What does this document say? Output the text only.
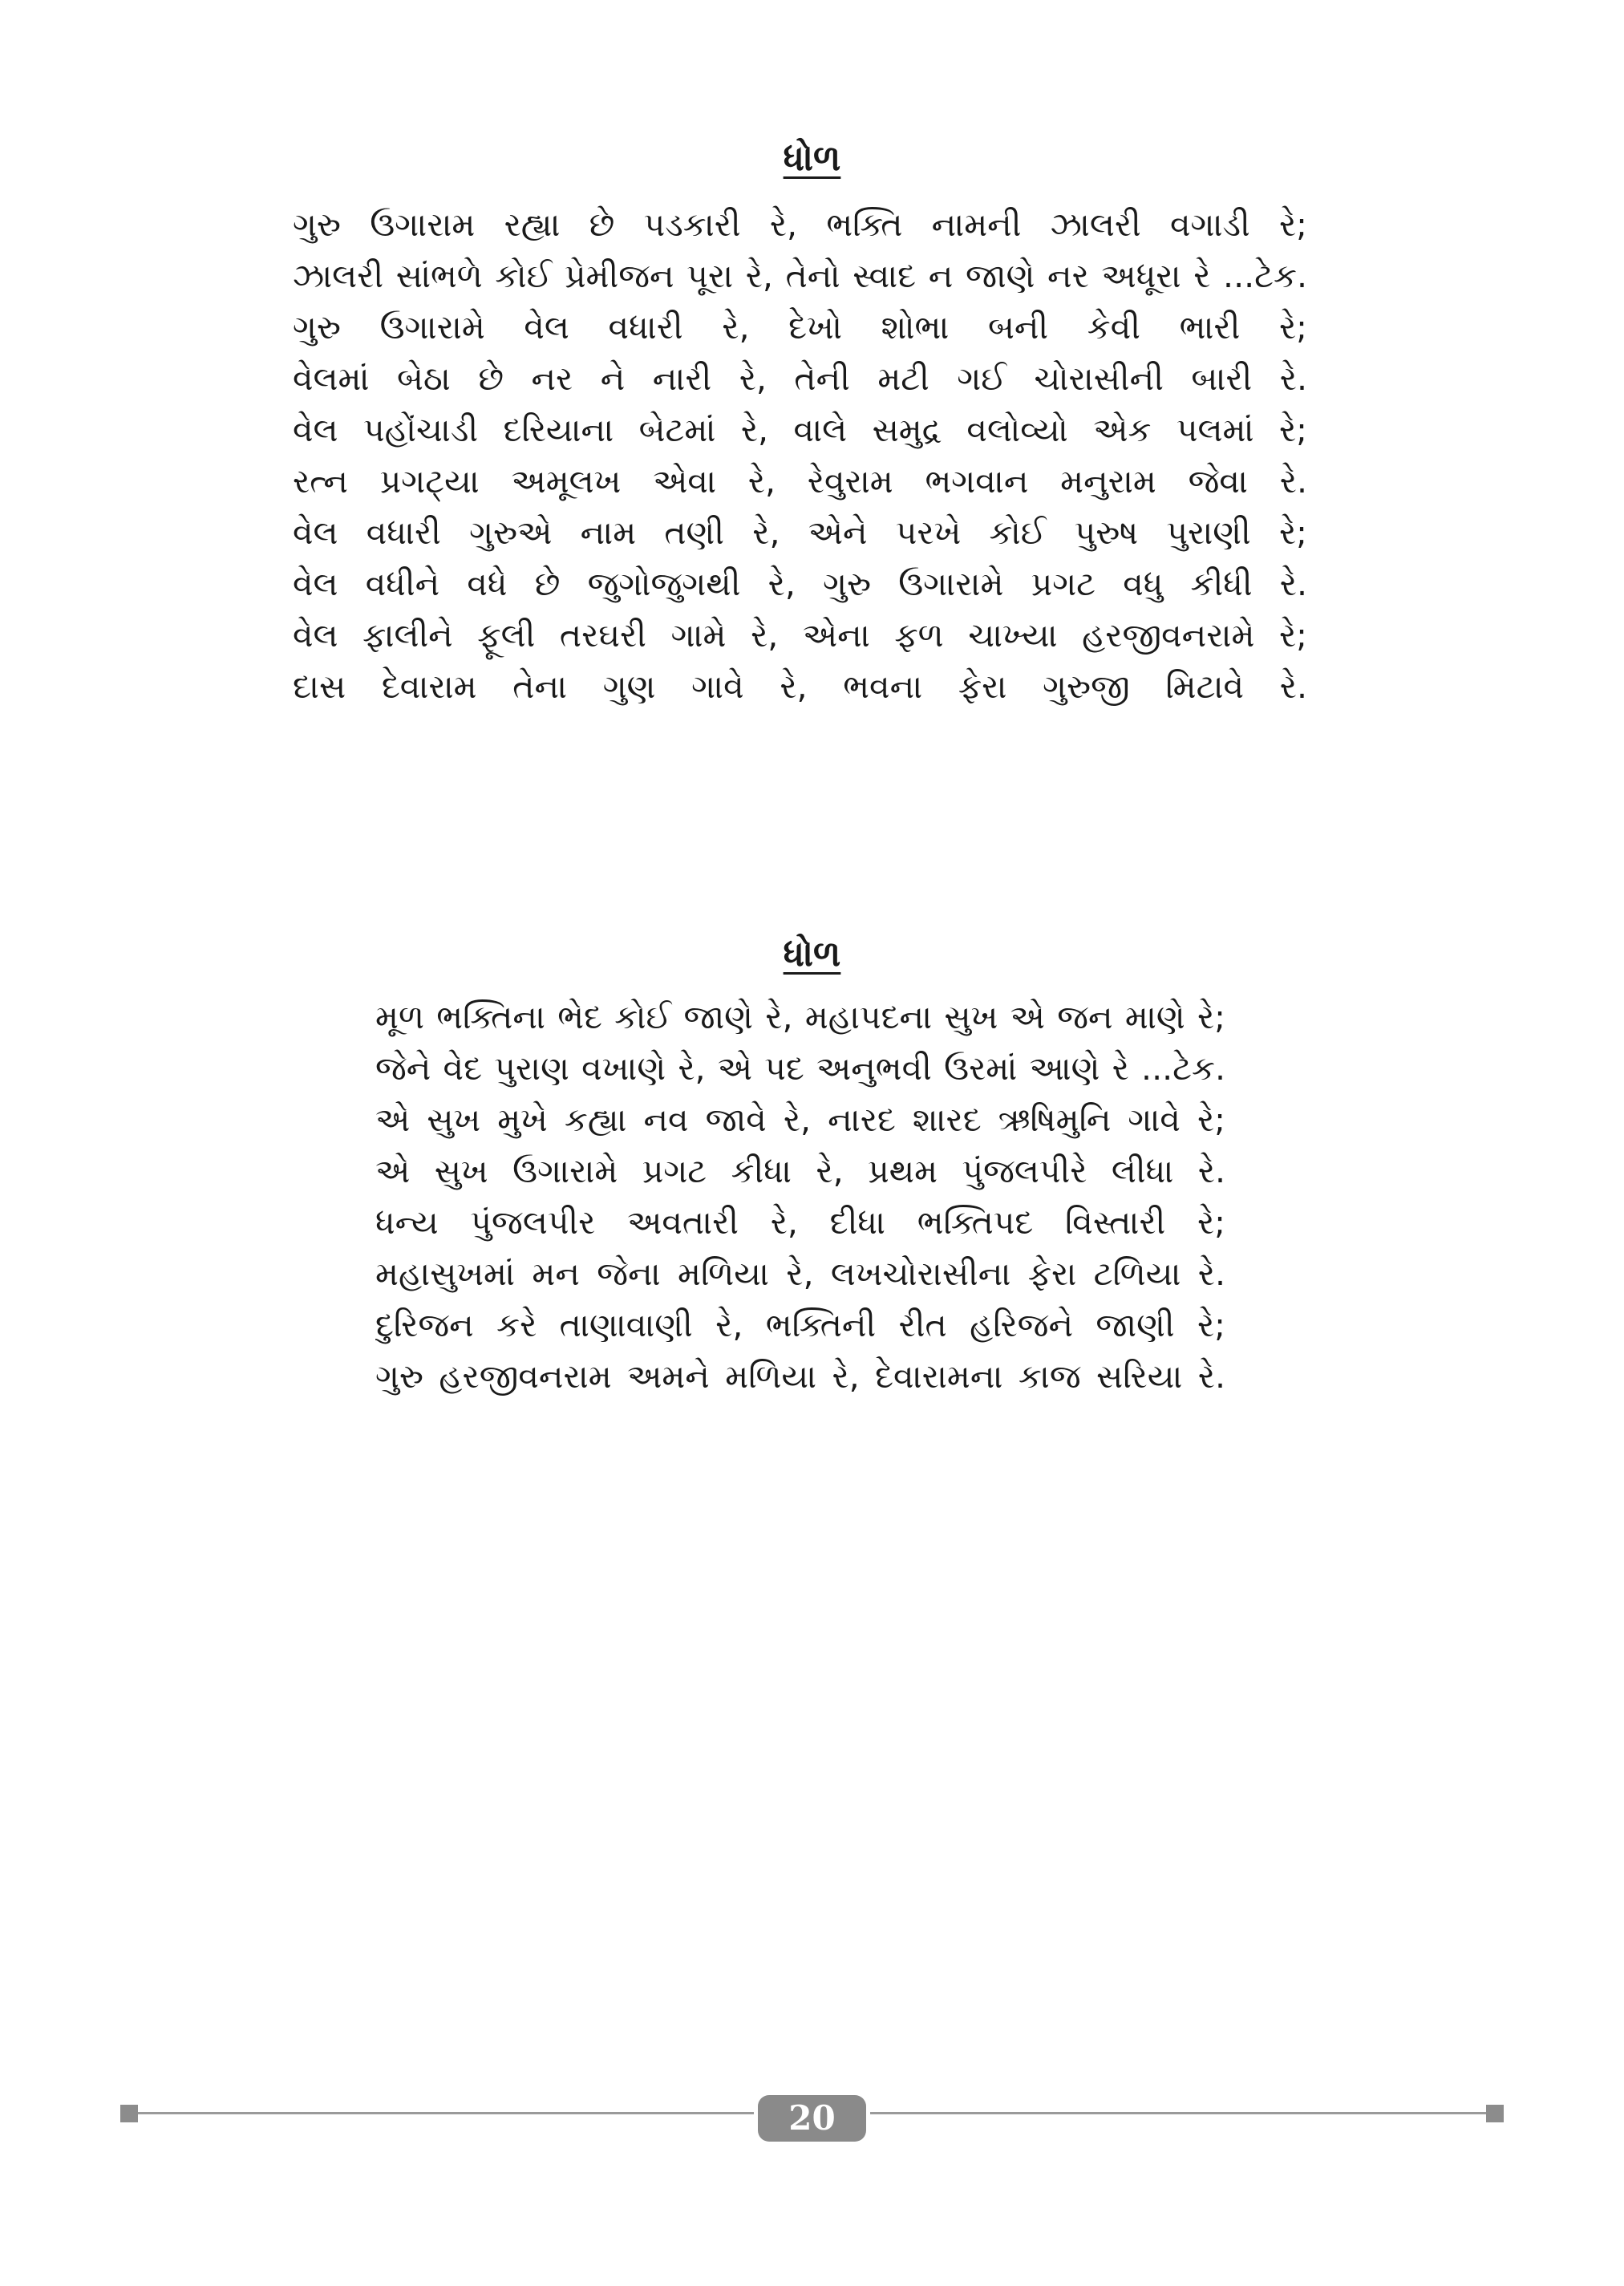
ધોળ
ગુરુ ઉગારામ રહ્યા છે પડકારી રે, ભક્તિ નામની ઝાલરી વગાડી રે;
ઝાલરી સાંભળે કોઈ પ્રેમીજન પૂરા રે, તેનો સ્વાદ ન જાણે નર અધૂરા રે ...ટેક.
ગુરુ ઉગારામે વેલ વધારી રે, દેખો શોભા બની કેવી ભારી રે;
વેલમાં બેઠા છે નર ને નારી રે, તેની મટી ગઈ ચોરાસીની બારી રે.
વેલ પહોંચાડી દરિયાના બેટમાં રે, વાલે સમુદ્ર વલોવ્યો એક પલમાં રે;
રત્ન પ્રગટ્યા અમૂલખ એવા રે, રેવુરામ ભગવાન મનુરામ જેવા રે.
વેલ વધારી ગુરુએ નામ તણી રે, એને પરખે કોઈ પુરુષ પુરાણી રે;
વેલ વધીને વધે છે જુગોજુગથી રે, ગુરુ ઉગારામે પ્રગટ વધુ કીધી રે.
વેલ ફાલીને ફૂલી તરઘરી ગામે રે, એના ફળ ચાખ્યા હરજીવનરામે રે;
દાસ દેવારામ તેના ગુણ ગાવે રે, ભવના ફેરા ગુરુજી મિટાવે રે.
ધોળ
મૂળ ભક્તિના ભેદ કોઈ જાણે રે, મહાપદના સુખ એ જન માણે રે;
જેને વેદ પુરાણ વખાણે રે, એ પદ અનુભવી ઉરમાં આણે રે ...ટેક.
એ સુખ મુખે કહ્યા નવ જાવે રે, નારદ શારદ ઋષિમુનિ ગાવે રે;
એ સુખ ઉગારામે પ્રગટ કીધા રે, પ્રથમ પુંજલપીરે લીધા રે.
ધન્ય પુંજલપીર અવતારી રે, દીધા ભક્તિપદ વિસ્તારી રે;
મહાસુખમાં મન જેના મળિયા રે, લખચોરાસીના ફેરા ટળિયા રે.
દુરિજન કરે તાણાવાણી રે, ભક્તિની રીત હરિજને જાણી રે;
ગુરુ હરજીવનરામ અમને મળિયા રે, દેવારામના કાજ સરિયા રે.
20
